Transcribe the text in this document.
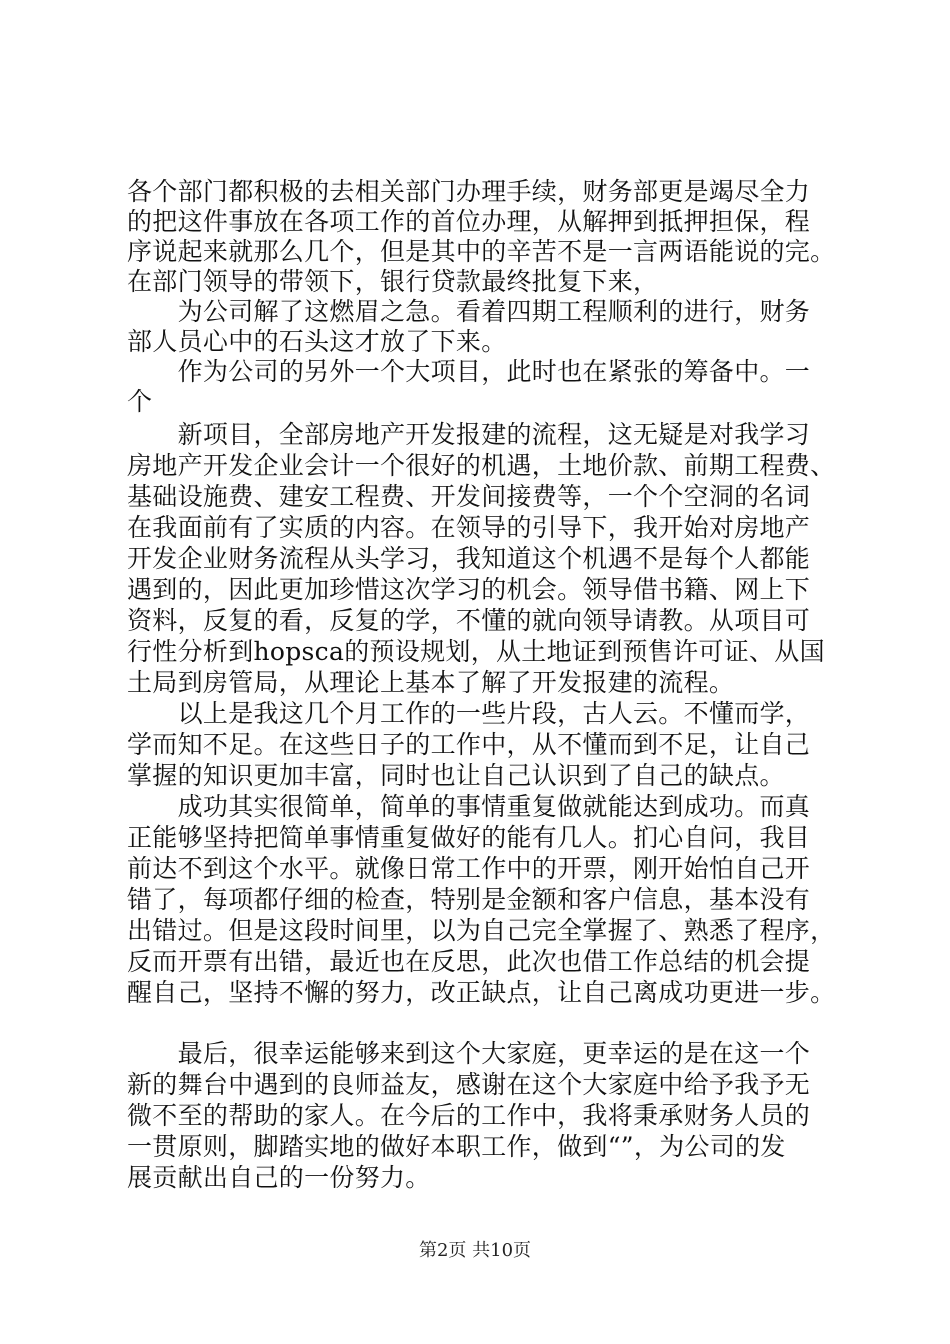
各个部门都积极的去相关部门办理手续，财务部更是竭尽全力
的把这件事放在各项工作的首位办理，从解押到抵押担保，程
序说起来就那么几个，但是其中的辛苦不是一言两语能说的完。
在部门领导的带领下，银行贷款最终批复下来，
　　为公司解了这燃眉之急。看着四期工程顺利的进行，财务
部人员心中的石头这才放了下来。
　　作为公司的另外一个大项目，此时也在紧张的筹备中。一
个
　　新项目，全部房地产开发报建的流程，这无疑是对我学习
房地产开发企业会计一个很好的机遇，土地价款、前期工程费、
基础设施费、建安工程费、开发间接费等，一个个空洞的名词
在我面前有了实质的内容。在领导的引导下，我开始对房地产
开发企业财务流程从头学习，我知道这个机遇不是每个人都能
遇到的，因此更加珍惜这次学习的机会。领导借书籍、网上下
资料，反复的看，反复的学，不懂的就向领导请教。从项目可
行性分析到hopsca的预设规划，从土地证到预售许可证、从国
土局到房管局，从理论上基本了解了开发报建的流程。
　　以上是我这几个月工作的一些片段，古人云。不懂而学，
学而知不足。在这些日子的工作中，从不懂而到不足，让自己
掌握的知识更加丰富，同时也让自己认识到了自己的缺点。
　　成功其实很简单，简单的事情重复做就能达到成功。而真
正能够坚持把简单事情重复做好的能有几人。扪心自问，我目
前达不到这个水平。就像日常工作中的开票，刚开始怕自己开
错了，每项都仔细的检查，特别是金额和客户信息，基本没有
出错过。但是这段时间里，以为自己完全掌握了、熟悉了程序，
反而开票有出错，最近也在反思，此次也借工作总结的机会提
醒自己，坚持不懈的努力，改正缺点，让自己离成功更进一步。
　　最后，很幸运能够来到这个大家庭，更幸运的是在这一个
新的舞台中遇到的良师益友，感谢在这个大家庭中给予我予无
微不至的帮助的家人。在今后的工作中，我将秉承财务人员的
一贯原则，脚踏实地的做好本职工作，做到“”，为公司的发
展贡献出自己的一份努力。
第2页 共10页
